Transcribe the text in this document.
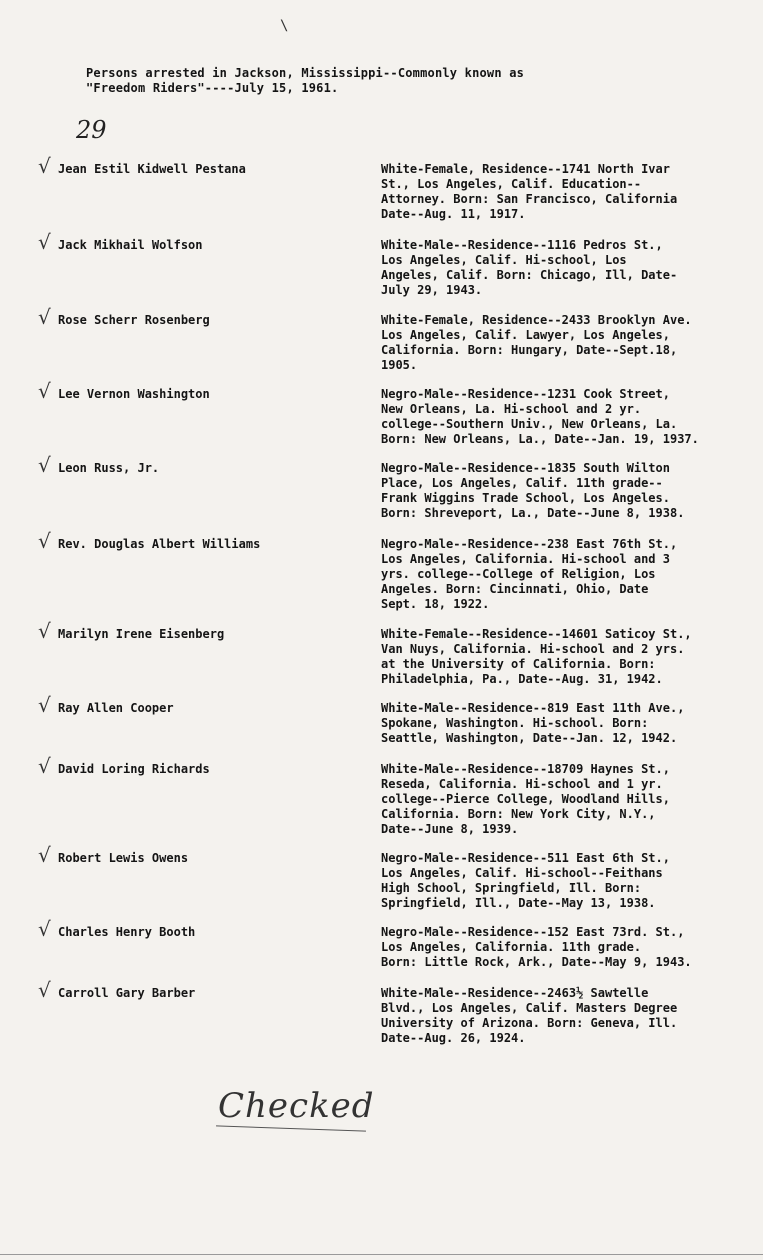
\
Persons arrested in Jackson, Mississippi--Commonly known as
"Freedom Riders"----July 15, 1961.
29
√ Jean Estil Kidwell Pestana	White-Female, Residence--1741 North Ivar
St., Los Angeles, Calif. Education--
Attorney. Born: San Francisco, California
Date--Aug. 11, 1917.
√ Jack Mikhail Wolfson	White-Male--Residence--1116 Pedros St.,
Los Angeles, Calif. Hi-school, Los
Angeles, Calif. Born: Chicago, Ill, Date-
July 29, 1943.
√ Rose Scherr Rosenberg	White-Female, Residence--2433 Brooklyn Ave.
Los Angeles, Calif. Lawyer, Los Angeles,
California. Born: Hungary, Date--Sept.18,
1905.
√ Lee Vernon Washington	Negro-Male--Residence--1231 Cook Street,
New Orleans, La. Hi-school and 2 yr.
college--Southern Univ., New Orleans, La.
Born: New Orleans, La., Date--Jan. 19, 1937.
√ Leon Russ, Jr.	Negro-Male--Residence--1835 South Wilton
Place, Los Angeles, Calif. 11th grade--
Frank Wiggins Trade School, Los Angeles.
Born: Shreveport, La., Date--June 8, 1938.
√ Rev. Douglas Albert Williams	Negro-Male--Residence--238 East 76th St.,
Los Angeles, California. Hi-school and 3
yrs. college--College of Religion, Los
Angeles. Born: Cincinnati, Ohio, Date
Sept. 18, 1922.
√ Marilyn Irene Eisenberg	White-Female--Residence--14601 Saticoy St.,
Van Nuys, California. Hi-school and 2 yrs.
at the University of California. Born:
Philadelphia, Pa., Date--Aug. 31, 1942.
√ Ray Allen Cooper	White-Male--Residence--819 East 11th Ave.,
Spokane, Washington. Hi-school. Born:
Seattle, Washington, Date--Jan. 12, 1942.
√ David Loring Richards	White-Male--Residence--18709 Haynes St.,
Reseda, California. Hi-school and 1 yr.
college--Pierce College, Woodland Hills,
California. Born: New York City, N.Y.,
Date--June 8, 1939.
√ Robert Lewis Owens	Negro-Male--Residence--511 East 6th St.,
Los Angeles, Calif. Hi-school--Feithans
High School, Springfield, Ill. Born:
Springfield, Ill., Date--May 13, 1938.
√ Charles Henry Booth	Negro-Male--Residence--152 East 73rd. St.,
Los Angeles, California. 11th grade.
Born: Little Rock, Ark., Date--May 9, 1943.
√ Carroll Gary Barber	White-Male--Residence--2463½ Sawtelle
Blvd., Los Angeles, Calif. Masters Degree
University of Arizona. Born: Geneva, Ill.
Date--Aug. 26, 1924.
Checked
